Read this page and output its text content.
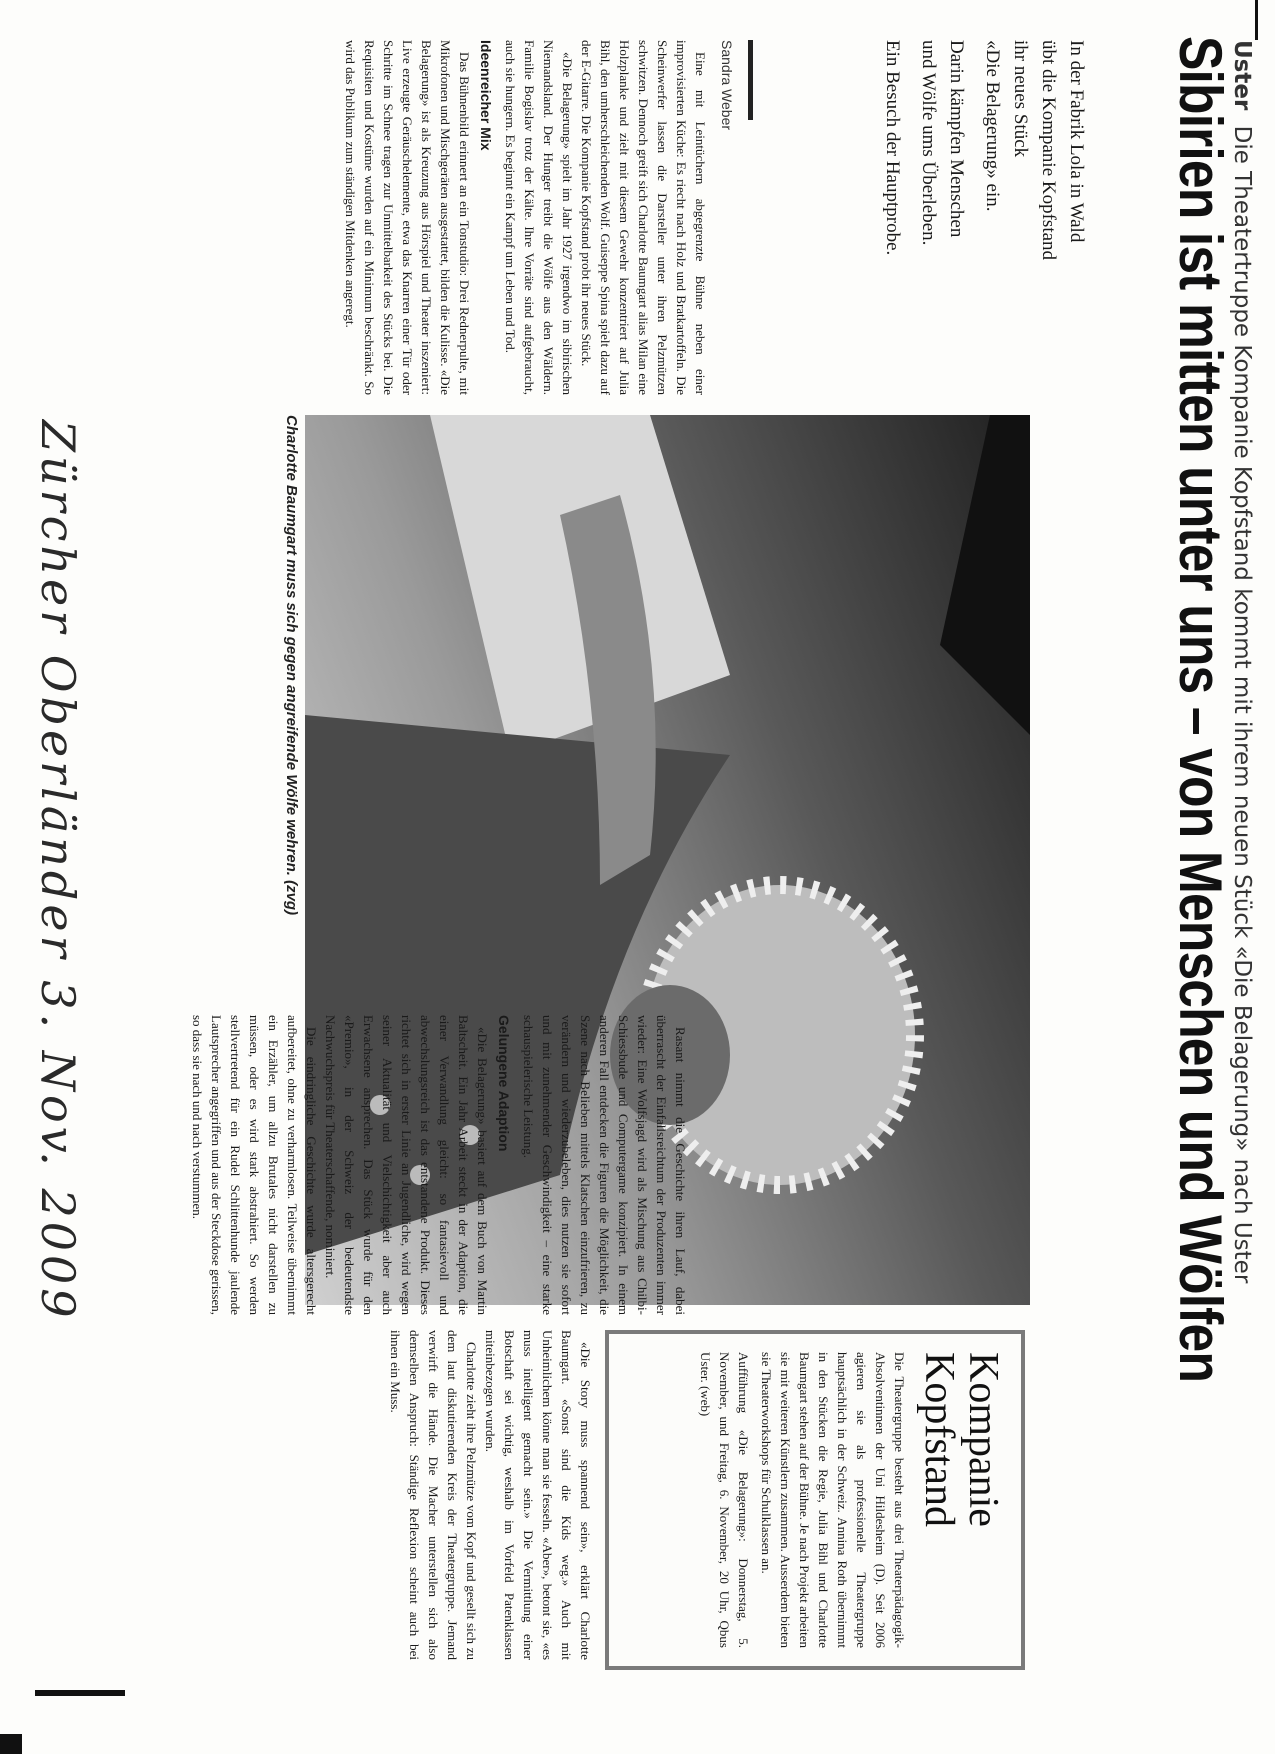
Uster Die Theatertruppe Kompanie Kopfstand kommt mit ihrem neuen Stück «Die Belagerung» nach Uster
Sibirien ist mitten unter uns – von Menschen und Wölfen
In der Fabrik Lola in Wald
übt die Kompanie Kopfstand
ihr neues Stück
«Die Belagerung» ein.
Darin kämpfen Menschen
und Wölfe ums Überleben.
Ein Besuch der Hauptprobe.
Sandra Weber

Eine mit Leintüchern abgegrenzte Bühne neben einer improvisierten Küche: Es riecht nach Holz und Bratkartoffeln. Die Scheinwerfer lassen die Darsteller unter ihren Pelzmützen schwitzen. Dennoch greift sich Charlotte Baumgart alias Milan eine Holzplanke und zielt mit diesem Gewehr konzentriert auf Julia Bihl, den umherschleichenden Wolf. Guiseppe Spina spielt dazu auf der E-Gitarre. Die Kompanie Kopfstand probt ihr neues Stück.

«Die Belagerung» spielt im Jahr 1927 irgendwo im sibirischen Niemandsland. Der Hunger treibt die Wölfe aus den Wäldern. Familie Bogislav trotz der Kälte. Ihre Vorräte sind aufgebraucht, auch sie hungern. Es beginnt ein Kampf um Leben und Tod.

Ideenreicher Mix

Das Bühnenbild erinnert an ein Tonstudio: Drei Rednerpulte, mit Mikrofonen und Mischgeräten ausgestattet, bilden die Kulisse. «Die Belagerung» ist als Kreuzung aus Hörspiel und Theater inszeniert: Live erzeugte Geräuschelemente, etwa das Knarren einer Tür oder Schritte im Schnee tragen zur Unmittelbarkeit des Stücks bei. Die Requisiten und Kostüme wurden auf ein Minimum beschränkt. So wird das Publikum zum ständigen Mitdenken angeregt.

Charlotte Baumgart muss sich gegen angreifende Wölfe wehren. (zvg)

Rasant nimmt die Geschichte ihren Lauf, dabei überrascht der Einfallsreichtum der Produzenten immer wieder: Eine Wolfsjagd wird als Mischung aus Chilbi-Schiessbude und Computergame konzipiert. In einem anderen Fall entdecken die Figuren die Möglichkeit, die Szene nach Belieben mittels Klatschen einzufrieren, zu verändern und wiederzubeleben, dies nutzen sie sofort und mit zunehmender Geschwindigkeit – eine starke schauspielerische Leistung.

Gelungene Adaption

«Die Belagerung» basiert auf dem Buch von Martin Baltscheit. Ein Jahr Arbeit steckt in der Adaption, die einer Verwandlung gleicht: so fantasievoll und abwechslungsreich ist das entstandene Produkt. Dieses richtet sich in erster Linie an Jugendliche, wird wegen seiner Aktualität und Vielschichtigkeit aber auch Erwachsene ansprechen. Das Stück wurde für den «Premio», in der Schweiz der bedeutendste Nachwuchspreis für Theaterschaffende, nominiert.

Die eindringliche Geschichte wurde altersgerecht aufbereitet, ohne zu verharmlosen. Teilweise übernimmt ein Erzähler, um allzu Brutales nicht darstellen zu müssen, oder es wird stark abstrahiert. So werden stellvertretend für ein Rudel Schlittenhunde jaulende Lautsprecher angegriffen und aus der Steckdose gerissen, so dass sie nach und nach verstummen.

«Die Story muss spannend sein», erklärt Charlotte Baumgart. «Sonst sind die Kids weg.» Auch mit Unheimlichem könne man sie fesseln. «Aber», betont sie, «es muss intelligent gemacht sein.» Die Vermittlung einer Botschaft sei wichtig, weshalb im Vorfeld Patenklassen miteinbezogen wurden.

Charlotte zieht ihre Pelzmütze vom Kopf und gesellt sich zu dem laut diskutierenden Kreis der Theatergruppe. Jemand verwirft die Hände. Die Macher unterstellen sich also demselben Anspruch: Ständige Reflexion scheint auch bei ihnen ein Muss.	Kompanie
Kopfstand

Die Theatergruppe besteht aus drei Theaterpädagogik-Absolventinnen der Uni Hildesheim (D). Seit 2006 agieren sie als professionelle Theatergruppe hauptsächlich in der Schweiz. Annina Roth übernimmt in den Stücken die Regie, Julia Bihl und Charlotte Baumgart stehen auf der Bühne. Je nach Projekt arbeiten sie mit weiteren Künstlern zusammen. Ausserdem bieten sie Theaterworkshops für Schulklassen an.

Aufführung «Die Belagerung»: Donnerstag, 5. November, und Freitag, 6. November, 20 Uhr, Qbus Uster. (web)

Zürcher Oberländer 3. Nov. 2009
